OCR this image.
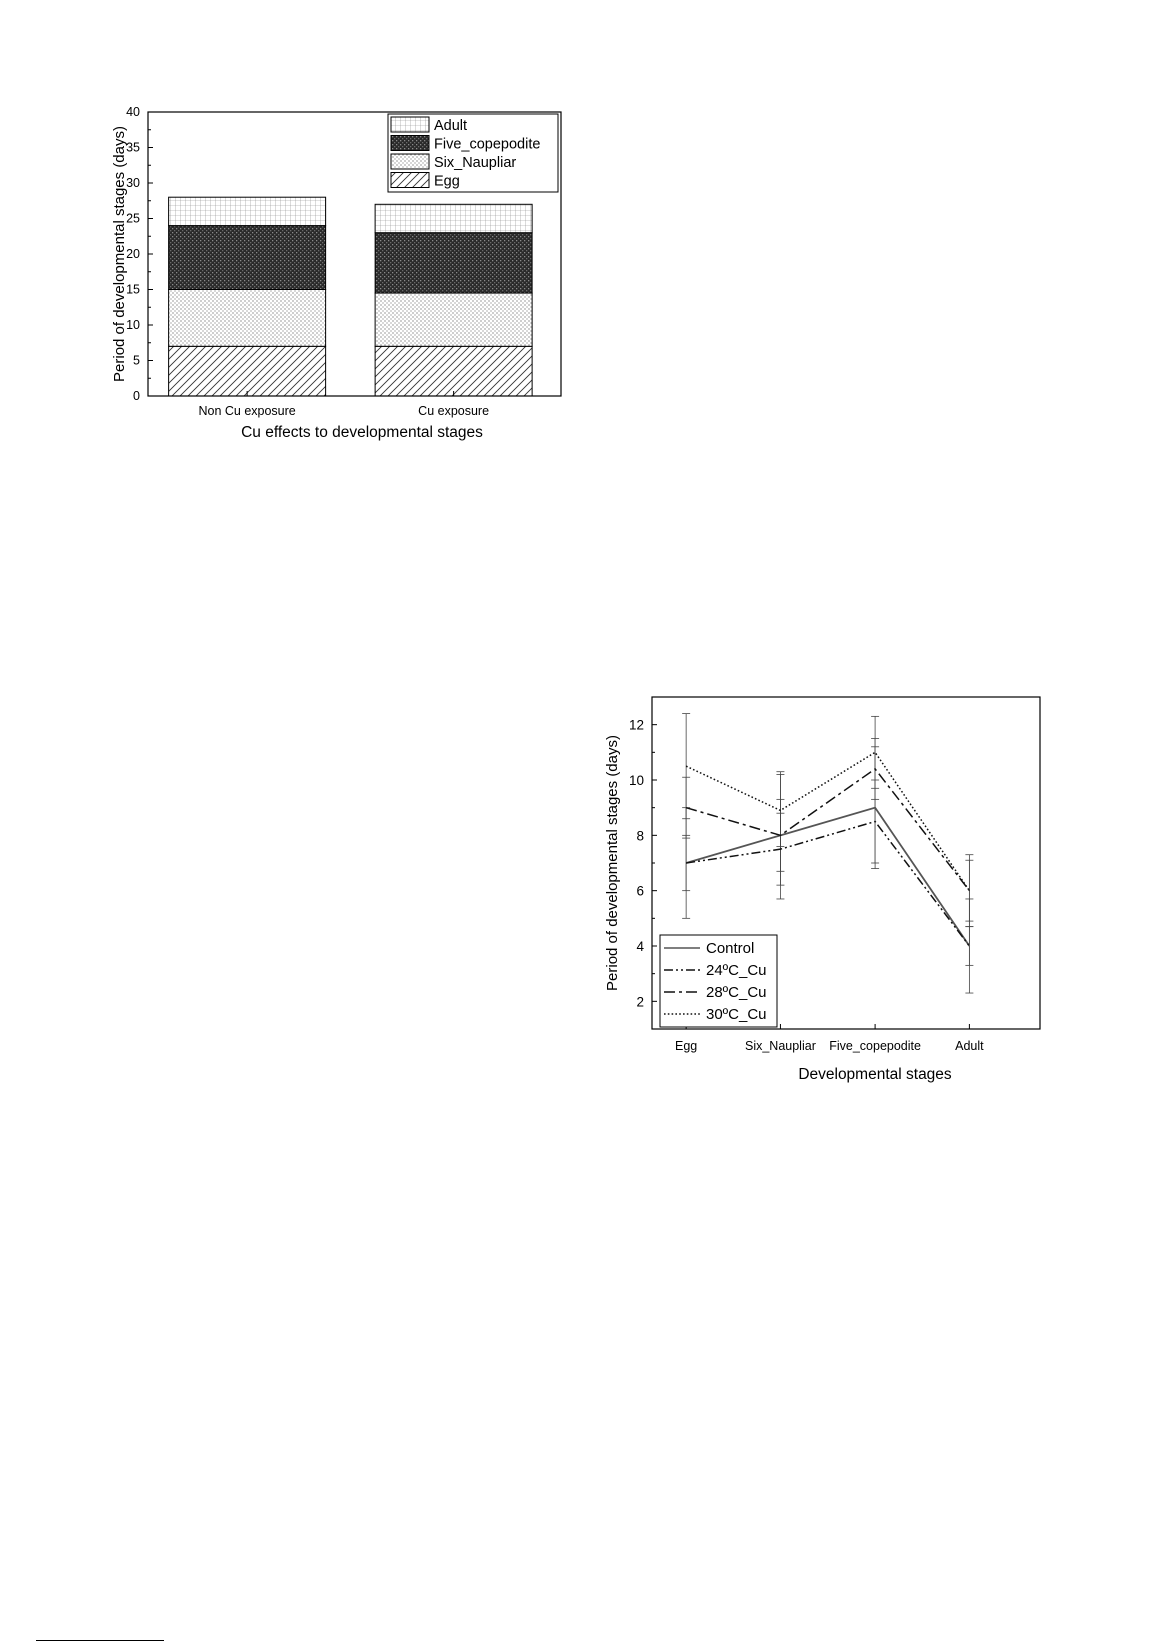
0
5
10
15
20
25
30
35
40
Non Cu exposure	Cu exposure
Adult
Five_copepodite
Six_Naupliar
Egg
Period of developmental stages (days)
Cu effects to developmental stages
2
4
6
8
10
12
Egg	Six_Naupliar Five_copepodite	Adult
Control
24ºC_Cu
28ºC_Cu
30ºC_Cu
Period of developmental stages (days)
Developmental stages
